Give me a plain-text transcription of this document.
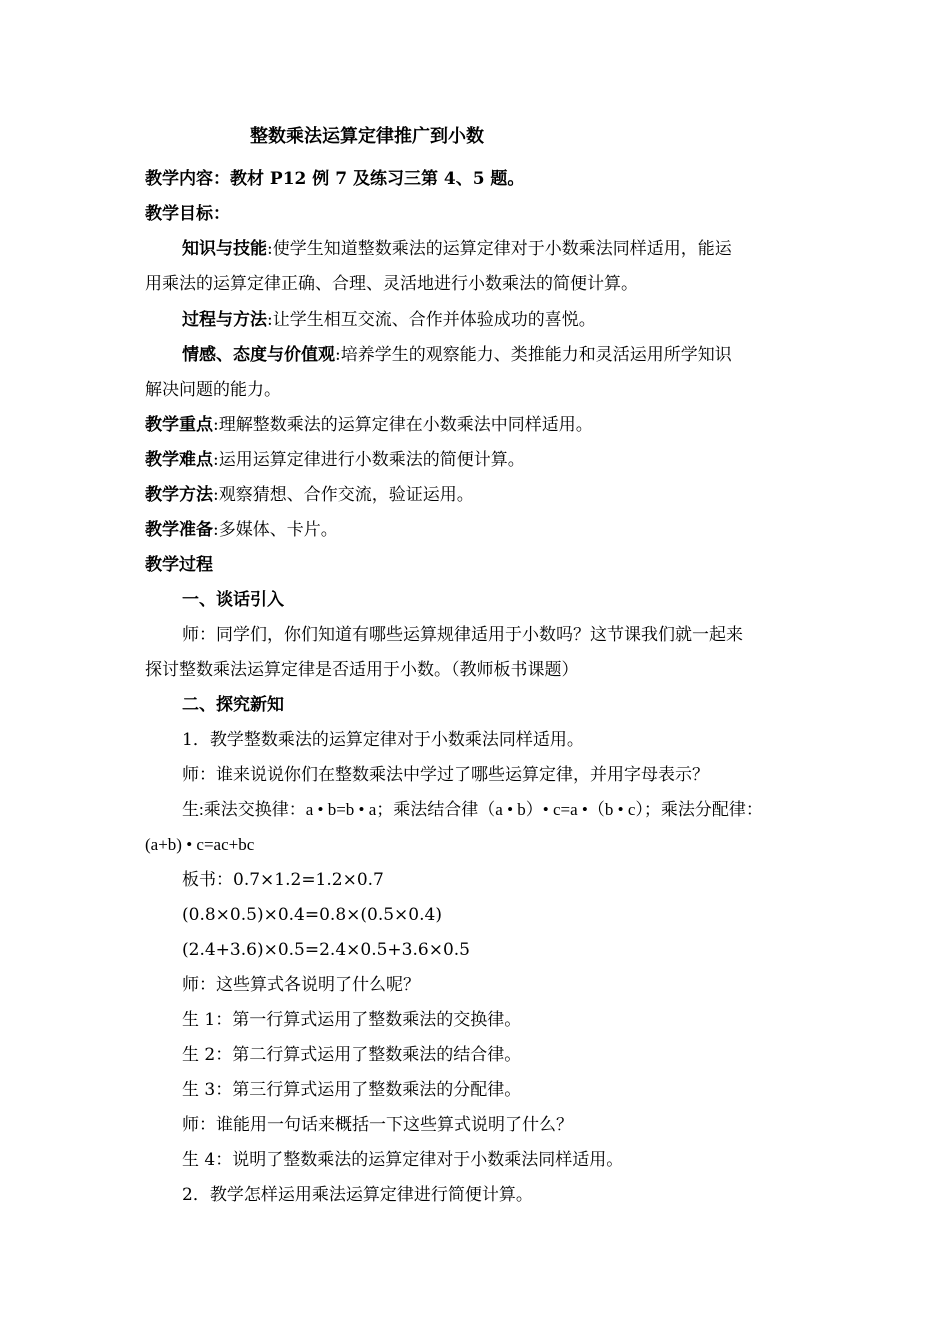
整数乘法运算定律推广到小数
教学内容：教材 P12 例 7 及练习三第 4、5 题。
教学目标：
知识与技能:使学生知道整数乘法的运算定律对于小数乘法同样适用，能运
用乘法的运算定律正确、合理、灵活地进行小数乘法的简便计算。
过程与方法:让学生相互交流、合作并体验成功的喜悦。
情感、态度与价值观:培养学生的观察能力、类推能力和灵活运用所学知识
解决问题的能力。
教学重点:理解整数乘法的运算定律在小数乘法中同样适用。
教学难点:运用运算定律进行小数乘法的简便计算。
教学方法:观察猜想、合作交流，验证运用。
教学准备:多媒体、卡片。
教学过程
一、谈话引入
师：同学们，你们知道有哪些运算规律适用于小数吗？这节课我们就一起来
探讨整数乘法运算定律是否适用于小数。（教师板书课题）
二、探究新知
1．教学整数乘法的运算定律对于小数乘法同样适用。
师：谁来说说你们在整数乘法中学过了哪些运算定律，并用字母表示？
生:乘法交换律：a • b=b • a；乘法结合律（a • b）• c=a •（b • c）；乘法分配律：
(a+b) • c=ac+bc
板书：0.7×1.2=1.2×0.7
(0.8×0.5)×0.4=0.8×(0.5×0.4)
(2.4+3.6)×0.5=2.4×0.5+3.6×0.5
师：这些算式各说明了什么呢？
生 1：第一行算式运用了整数乘法的交换律。
生 2：第二行算式运用了整数乘法的结合律。
生 3：第三行算式运用了整数乘法的分配律。
师：谁能用一句话来概括一下这些算式说明了什么？
生 4：说明了整数乘法的运算定律对于小数乘法同样适用。
2．教学怎样运用乘法运算定律进行简便计算。
